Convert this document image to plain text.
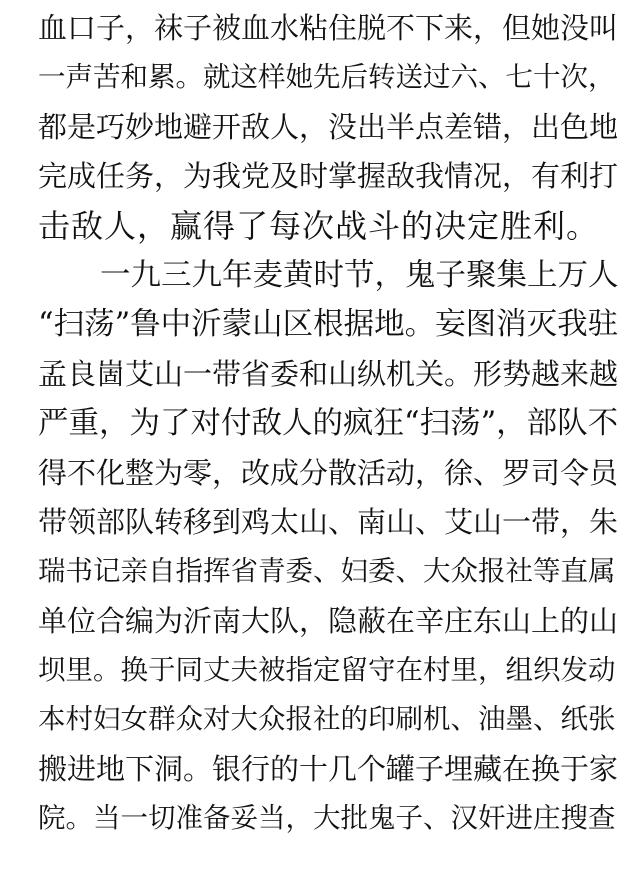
血口子，袜子被血水粘住脱不下来，但她没叫
一声苦和累。就这样她先后转送过六、七十次，
都是巧妙地避开敌人，没出半点差错，出色地
完成任务，为我党及时掌握敌我情况，有利打
击敌人，赢得了每次战斗的决定胜利。
一九三九年麦黄时节，鬼子聚集上万人
“扫荡”鲁中沂蒙山区根据地。妄图消灭我驻
孟良崮艾山一带省委和山纵机关。形势越来越
严重，为了对付敌人的疯狂“扫荡”，部队不
得不化整为零，改成分散活动，徐、罗司令员
带领部队转移到鸡太山、南山、艾山一带，朱
瑞书记亲自指挥省青委、妇委、大众报社等直属
单位合编为沂南大队，隐蔽在辛庄东山上的山
坝里。换于同丈夫被指定留守在村里，组织发动
本村妇女群众对大众报社的印刷机、油墨、纸张
搬进地下洞。银行的十几个罐子埋藏在换于家
院。当一切准备妥当，大批鬼子、汉奸进庄搜查
